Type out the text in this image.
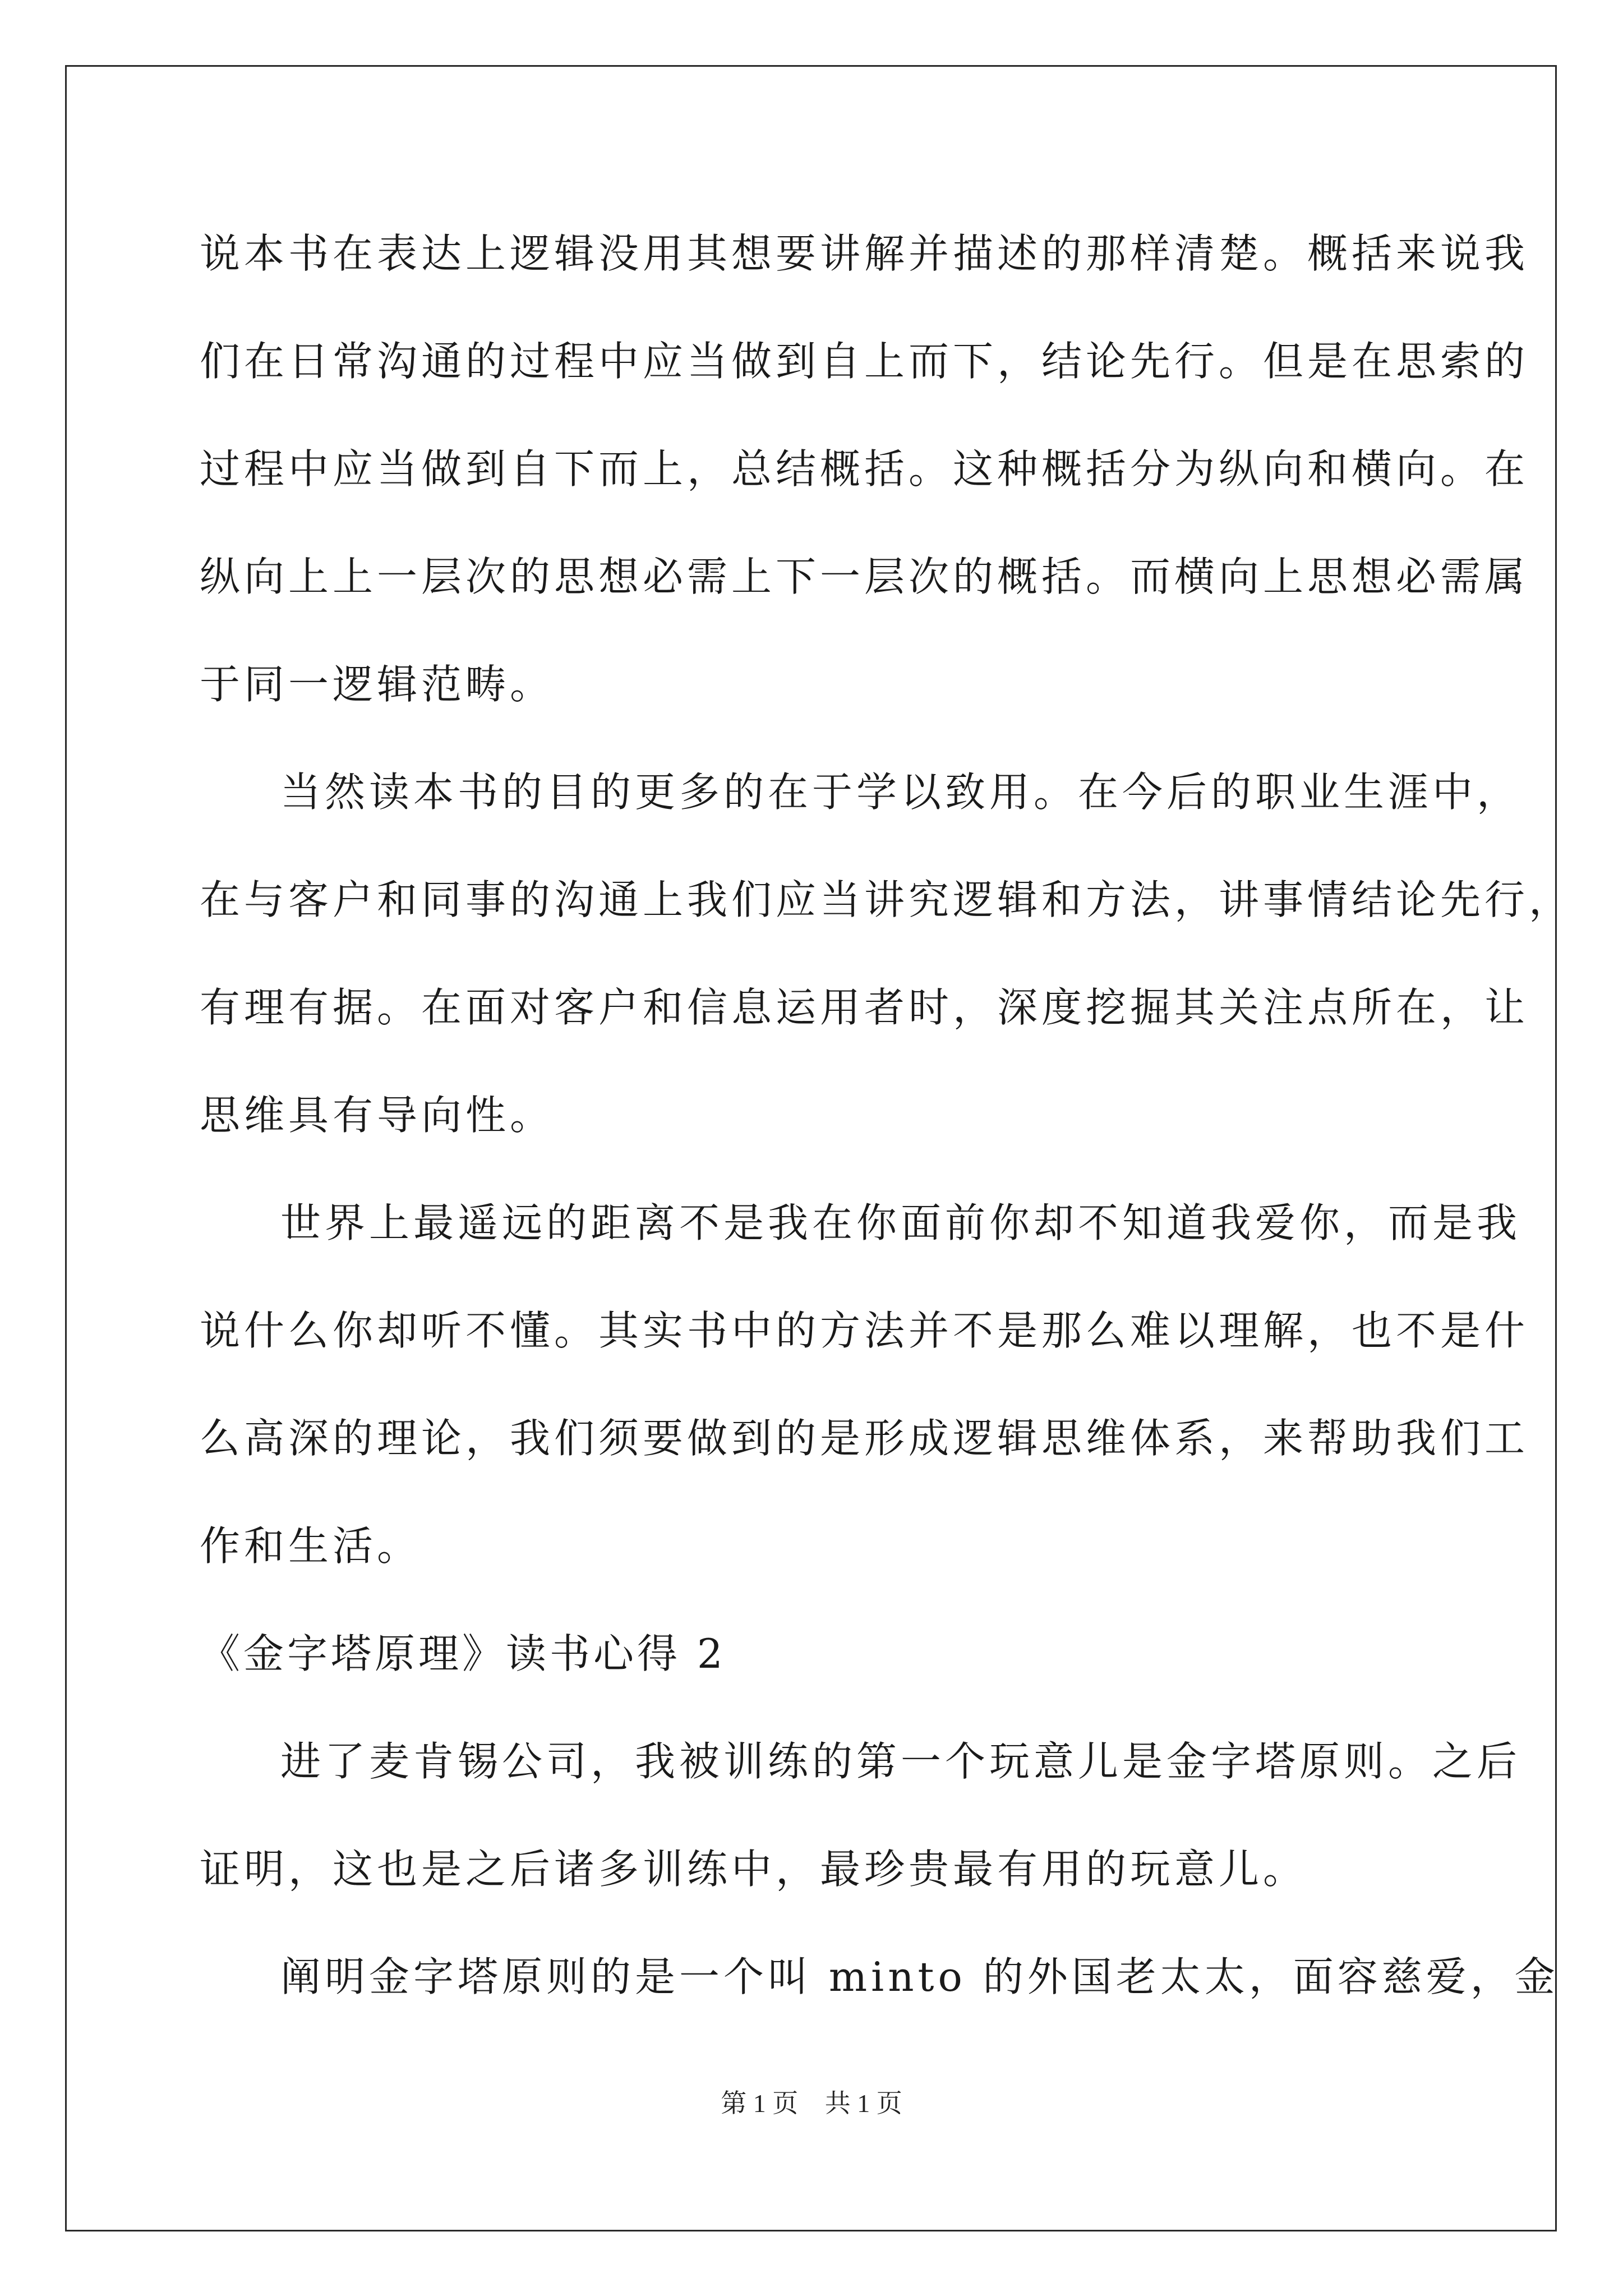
说本书在表达上逻辑没用其想要讲解并描述的那样清楚。概括来说我
们在日常沟通的过程中应当做到自上而下，结论先行。但是在思索的
过程中应当做到自下而上，总结概括。这种概括分为纵向和横向。在
纵向上上一层次的思想必需上下一层次的概括。而横向上思想必需属
于同一逻辑范畴。
当然读本书的目的更多的在于学以致用。在今后的职业生涯中，
在与客户和同事的沟通上我们应当讲究逻辑和方法，讲事情结论先行，
有理有据。在面对客户和信息运用者时，深度挖掘其关注点所在，让
思维具有导向性。
世界上最遥远的距离不是我在你面前你却不知道我爱你，而是我
说什么你却听不懂。其实书中的方法并不是那么难以理解，也不是什
么高深的理论，我们须要做到的是形成逻辑思维体系，来帮助我们工
作和生活。
《金字塔原理》读书心得 2
进了麦肯锡公司，我被训练的第一个玩意儿是金字塔原则。之后
证明，这也是之后诸多训练中，最珍贵最有用的玩意儿。
阐明金字塔原则的是一个叫 minto 的外国老太太，面容慈爱，金
第 1 页 共 1 页
